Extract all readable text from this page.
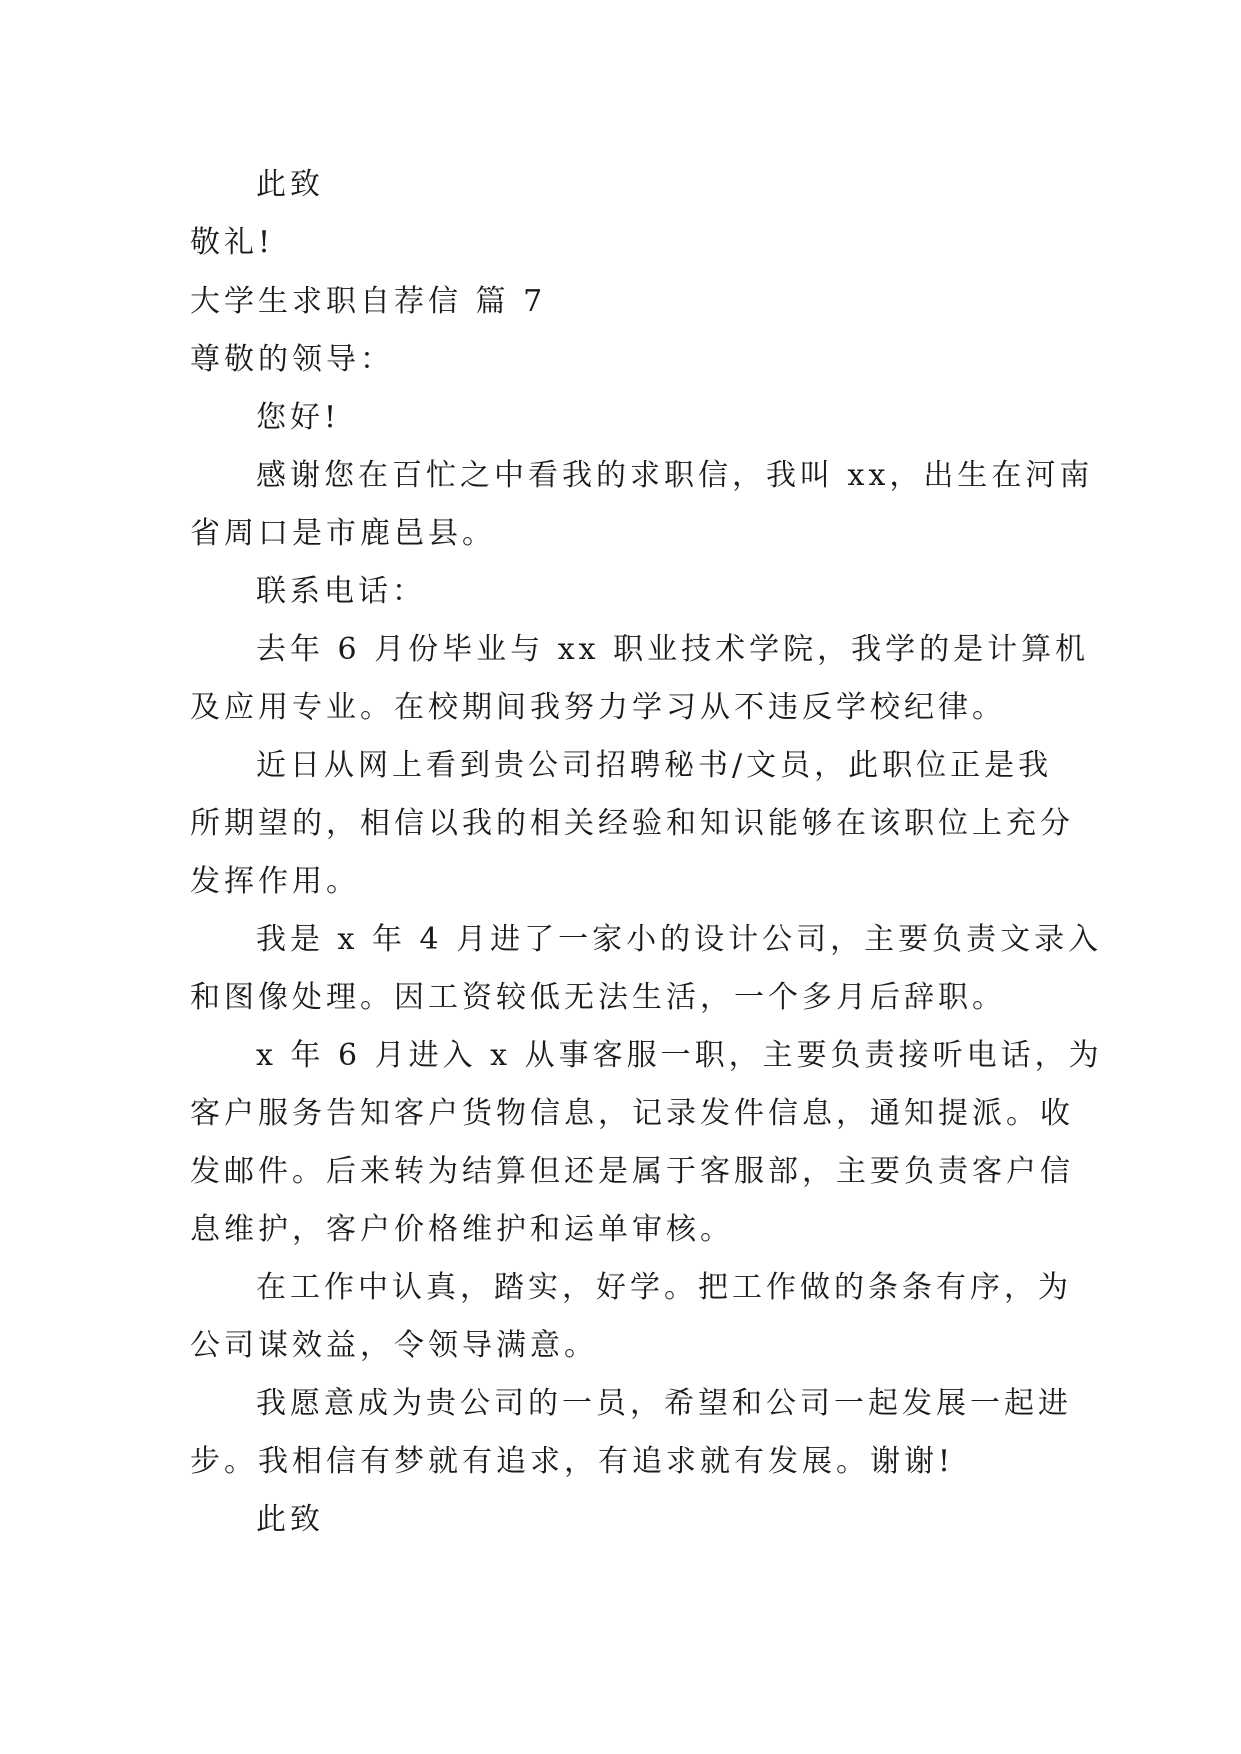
此致

敬礼!

大学生求职自荐信 篇 7

尊敬的领导：

您好!

感谢您在百忙之中看我的求职信，我叫 xx，出生在河南

省周口是市鹿邑县。

联系电话：

去年 6 月份毕业与 xx 职业技术学院，我学的是计算机

及应用专业。在校期间我努力学习从不违反学校纪律。

近日从网上看到贵公司招聘秘书/文员，此职位正是我

所期望的，相信以我的相关经验和知识能够在该职位上充分

发挥作用。

我是 x 年 4 月进了一家小的设计公司，主要负责文录入

和图像处理。因工资较低无法生活，一个多月后辞职。

x 年 6 月进入 x 从事客服一职，主要负责接听电话，为

客户服务告知客户货物信息，记录发件信息，通知提派。收

发邮件。后来转为结算但还是属于客服部，主要负责客户信

息维护，客户价格维护和运单审核。

在工作中认真，踏实，好学。把工作做的条条有序，为

公司谋效益，令领导满意。

我愿意成为贵公司的一员，希望和公司一起发展一起进

步。我相信有梦就有追求，有追求就有发展。谢谢!

此致
